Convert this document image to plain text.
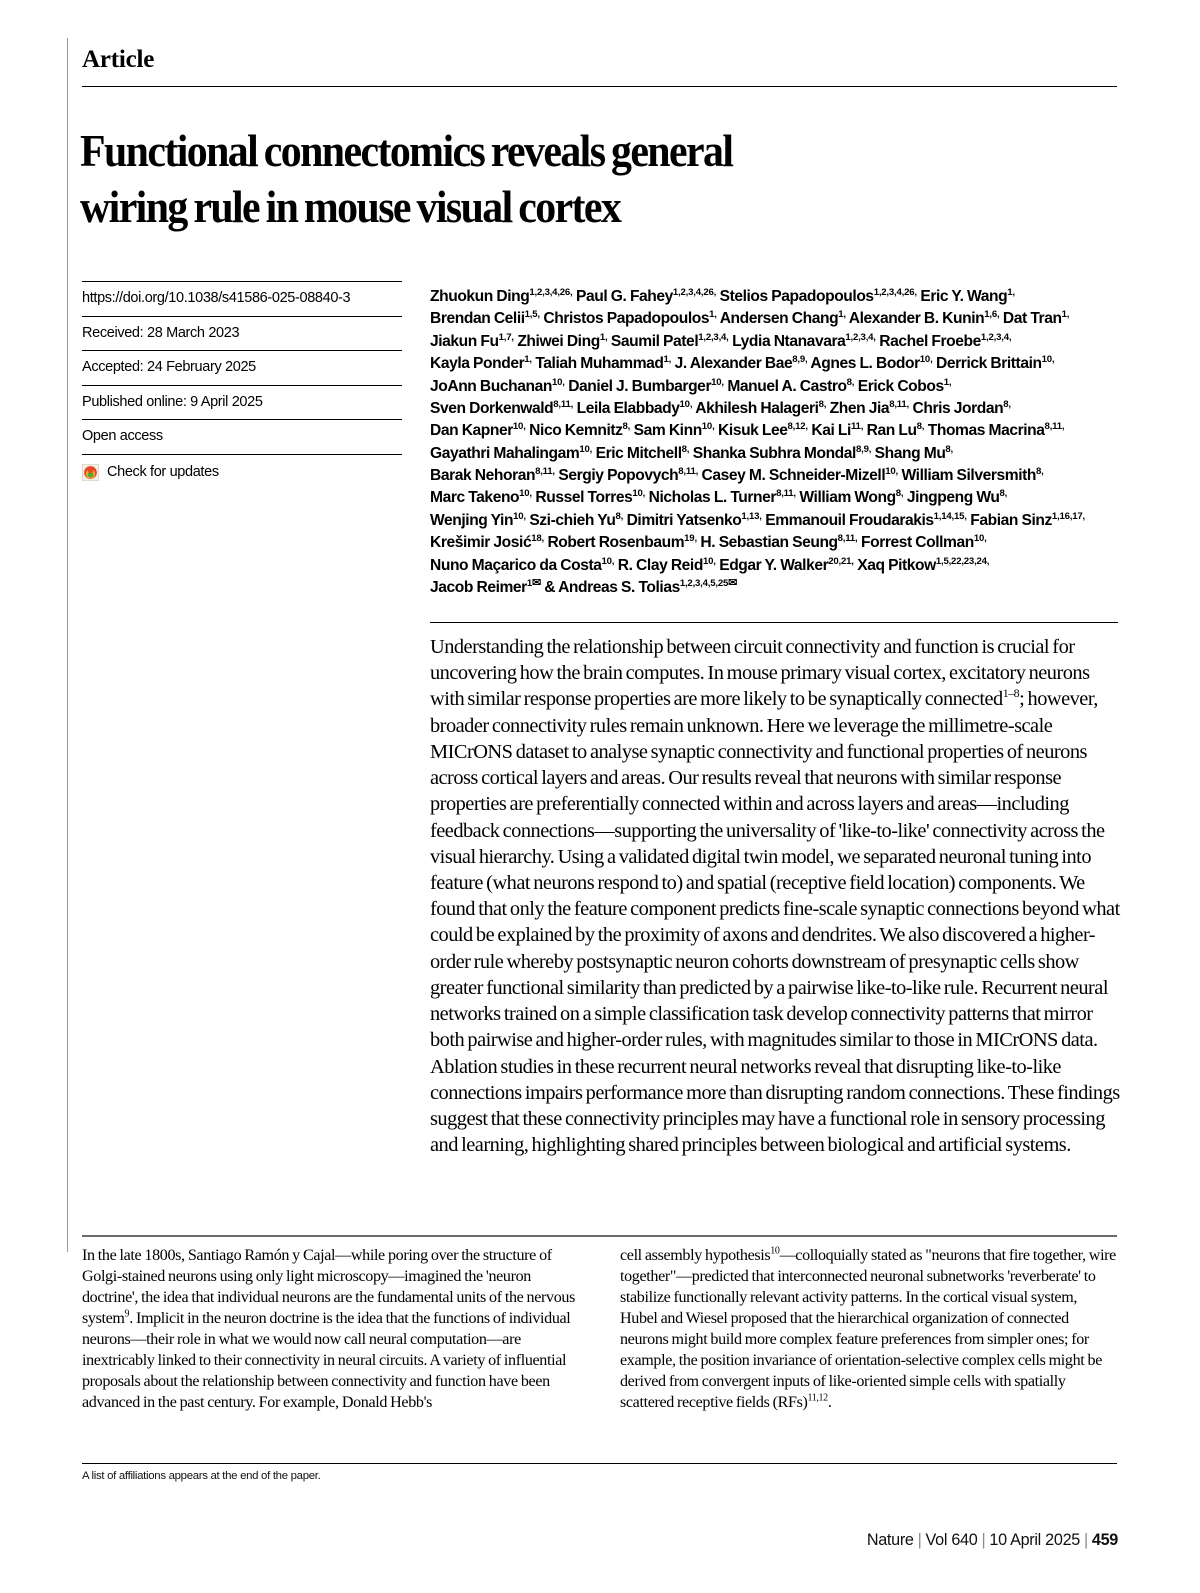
Article
Functional connectomics reveals general
wiring rule in mouse visual cortex
https://doi.org/10.1038/s41586-025-08840-3
Received: 28 March 2023
Accepted: 24 February 2025
Published online: 9 April 2025
Open access
Check for updates
Zhuokun Ding$^{1,2,3,4,26,}$ Paul G. Fahey$^{1,2,3,4,26,}$ Stelios Papadopoulos$^{1,2,3,4,26,}$ Eric Y. Wang$^{1,}$
Brendan Celii$^{1,5,}$ Christos Papadopoulos$^{1,}$ Andersen Chang$^{1,}$ Alexander B. Kunin$^{1,6,}$ Dat Tran$^{1,}$
Jiakun $Fu^{1,7,}$ Zhiwei Ding$^{1,}$ Saumil Patel$^{1,2,3,4,}$ Lydia Ntanavara$^{1,2,3,4,}$ Rachel Froebe$^{1,2,3,4,}$
Kayla Ponder$^{1,}$ Taliah Muhammad$^{1,}$ J. Alexander Bae$^{8,9,}$ Agnes L. Bodor$^{10,}$ Derrick Brittain$^{10,}$
JoAnn Buchanan$^{10,}$ Daniel J. Bumbarger$^{10,}$ Manuel A. Castro$^{8,}$ Erick Cobos$^{1,}$
Sven Dorkenwald$^{8,11,}$ Leila Elabbady$^{10,}$ Akhilesh Halageri$^{8,}$ Zhen Jia$^{8,11,}$ Chris Jordan$^{8,}$
Dan Kapner$^{10,}$ Nico Kemnitz$^{8,}$ Sam Kinn$^{10,}$ Kisuk Lee$^{8,12,}$ Kai $Li^{11,}$ Ran $Lu^{8,}$ Thomas Macrina$^{8,11,}$
Gayathri Mahalingam$^{10,}$ Eric Mitchell$^{8,}$ Shanka Subhra Mondal$^{8,9,}$ Shang $Mu^{8,}$
Barak Nehoran$^{8,11,}$ Sergiy Popovych$^{8,11,}$ Casey M. Schneider-Mizell$^{10,}$ William Silversmith$^{8,}$
Marc Takeno$^{10,}$ Russel Torres$^{10,}$ Nicholas L. Turner$^{8,11,}$ William Wong$^{8,}$ Jingpeng $Wu^{8,}$
Wenjing Yin$^{10,}$ Szi-chieh $Yu^{8,}$ Dimitri Yatsenko$^{1,13,}$ Emmanouil Froudarakis$^{1,14,15,}$ Fabian Sinz$^{1,16,17,}$
Krešimir Josić$^{18,}$ Robert Rosenbaum$^{19,}$ H. Sebastian Seung$^{8,11,}$ Forrest Collman$^{10,}$
Nuno Maçarico da Costa$^{10,}$ R. Clay Reid$^{10,}$ Edgar Y. Walker$^{20,21,}$ Xaq Pitkow$^{1,5,22,23,24,}$
Jacob Reimer$^{1✉}$ & Andreas S. Tolias$^{1,2,3,4,5,25✉}$
Understanding the relationship between circuit connectivity and function is crucial for uncovering how the brain computes. In mouse primary visual cortex, excitatory neurons with similar response properties are more likely to be synaptically connected$^{1-8}$; however, broader connectivity rules remain unknown. Here we leverage the millimetre-scale MICrONS dataset to analyse synaptic connectivity and functional properties of neurons across cortical layers and areas. Our results reveal that neurons with similar response properties are preferentially connected within and across layers and areas—including feedback connections—supporting the universality of 'like-to-like' connectivity across the visual hierarchy. Using a validated digital twin model, we separated neuronal tuning into feature (what neurons respond to) and spatial (receptive field location) components. We found that only the feature component predicts fine-scale synaptic connections beyond what could be explained by the proximity of axons and dendrites. We also discovered a higher-order rule whereby postsynaptic neuron cohorts downstream of presynaptic cells show greater functional similarity than predicted by a pairwise like-to-like rule. Recurrent neural networks trained on a simple classification task develop connectivity patterns that mirror both pairwise and higher-order rules, with magnitudes similar to those in MICrONS data. Ablation studies in these recurrent neural networks reveal that disrupting like-to-like connections impairs performance more than disrupting random connections. These findings suggest that these connectivity principles may have a functional role in sensory processing and learning, highlighting shared principles between biological and artificial systems.

In the late 1800s, Santiago Ramón y Cajal—while poring over the structure of Golgi-stained neurons using only light microscopy—imagined the 'neuron doctrine', the idea that individual neurons are the fundamental units of the nervous system$^9$. Implicit in the neuron doctrine is the idea that the functions of individual neurons—their role in what we would now call neural computation—are inextricably linked to their connectivity in neural circuits. A variety of influential proposals about the relationship between connectivity and function have been advanced in the past century. For example, Donald Hebb's

cell assembly hypothesis$^{10}$—colloquially stated as "neurons that fire together, wire together"—predicted that interconnected neuronal subnetworks 'reverberate' to stabilize functionally relevant activity patterns. In the cortical visual system, Hubel and Wiesel proposed that the hierarchical organization of connected neurons might build more complex feature preferences from simpler ones; for example, the position invariance of orientation-selective complex cells might be derived from convergent inputs of like-oriented simple cells with spatially scattered receptive fields (RFs)$^{11,12}$.

A list of affiliations appears at the end of the paper.
Nature | Vol 640 | 10 April 2025 | 459
